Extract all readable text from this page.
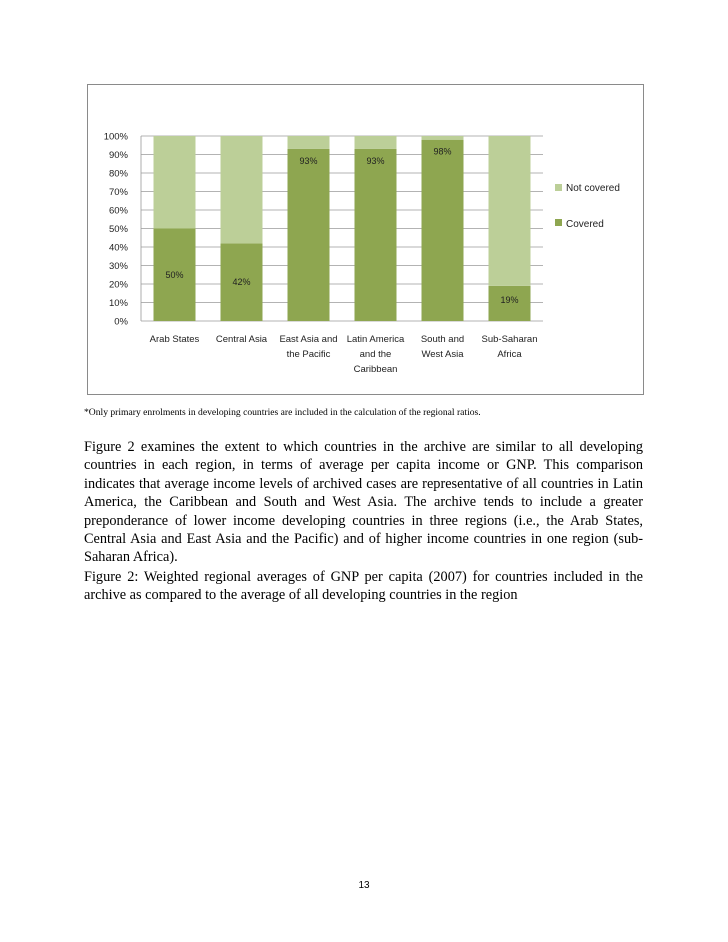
0%
10%
20%
30%
40%
50%
60%
70%
80%
90%
100%
50%
Arab States
42%
Central Asia
93%
East Asia and
the Pacific
93%
Latin America
and the
Caribbean
98%
South and
West Asia
19%
Sub-Saharan
Africa
Not covered
Covered
*Only primary enrolments in developing countries are included in the calculation of the regional ratios.
Figure 2 examines the extent to which countries in the archive are similar to all developing countries in each region, in terms of average per capita income or GNP. This comparison indicates that average income levels of archived cases are representative of all countries in Latin America, the Caribbean and South and West Asia. The archive tends to include a greater preponderance of lower income developing countries in three regions (i.e., the Arab States, Central Asia and East Asia and the Pacific) and of higher income countries in one region (sub-Saharan Africa).
Figure 2: Weighted regional averages of GNP per capita (2007) for countries included in the archive as compared to the average of all developing countries in the region
13
